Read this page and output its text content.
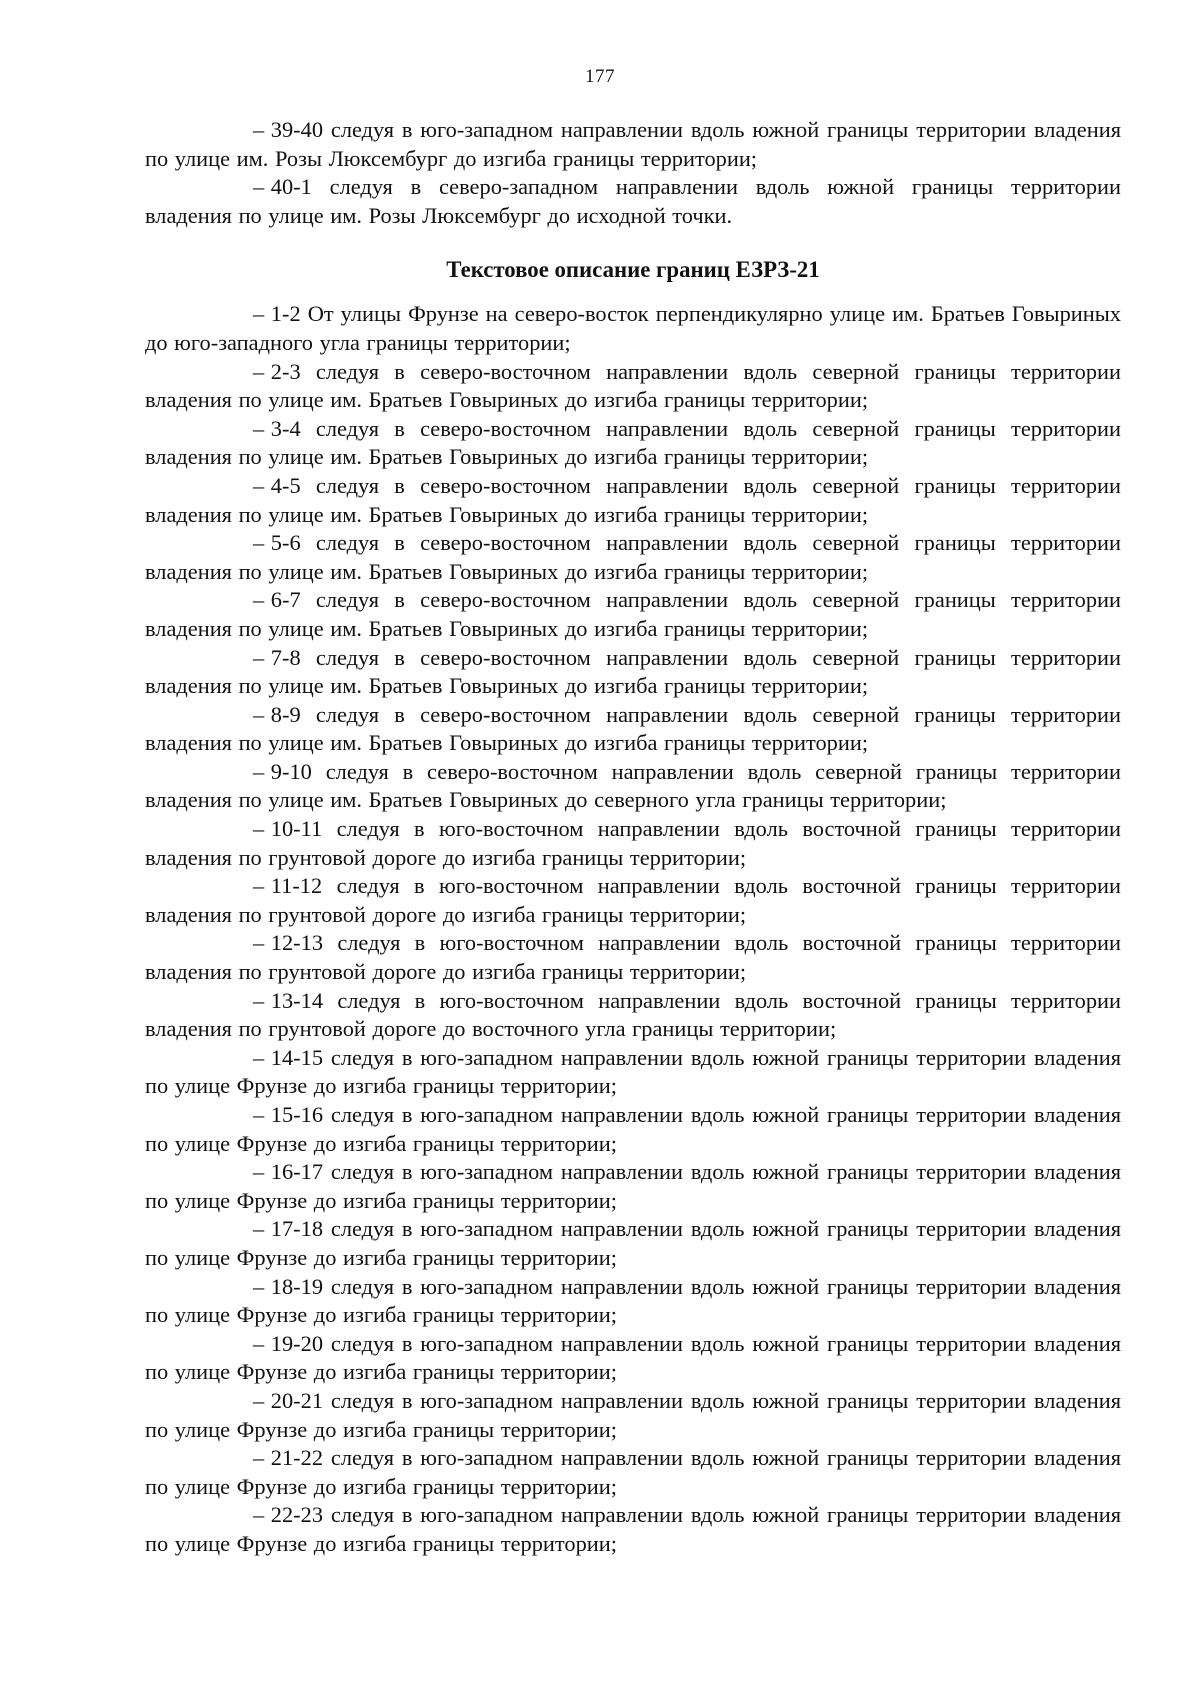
177

– 39-40 следуя в юго-западном направлении вдоль южной границы территории владения по улице им. Розы Люксембург до изгиба границы территории;

– 40-1 следуя в северо-западном направлении вдоль южной границы территории владения по улице им. Розы Люксембург до исходной точки.

Текстовое описание границ ЕЗРЗ-21

– 1-2 От улицы Фрунзе на северо-восток перпендикулярно улице им. Братьев Говыриных до юго-западного угла границы территории;

– 2-3 следуя в северо-восточном направлении вдоль северной границы территории владения по улице им. Братьев Говыриных до изгиба границы территории;

– 3-4 следуя в северо-восточном направлении вдоль северной границы территории владения по улице им. Братьев Говыриных до изгиба границы территории;

– 4-5 следуя в северо-восточном направлении вдоль северной границы территории владения по улице им. Братьев Говыриных до изгиба границы территории;

– 5-6 следуя в северо-восточном направлении вдоль северной границы территории владения по улице им. Братьев Говыриных до изгиба границы территории;

– 6-7 следуя в северо-восточном направлении вдоль северной границы территории владения по улице им. Братьев Говыриных до изгиба границы территории;

– 7-8 следуя в северо-восточном направлении вдоль северной границы территории владения по улице им. Братьев Говыриных до изгиба границы территории;

– 8-9 следуя в северо-восточном направлении вдоль северной границы территории владения по улице им. Братьев Говыриных до изгиба границы территории;

– 9-10 следуя в северо-восточном направлении вдоль северной границы территории владения по улице им. Братьев Говыриных до северного угла границы территории;

– 10-11 следуя в юго-восточном направлении вдоль восточной границы территории владения по грунтовой дороге до изгиба границы территории;

– 11-12 следуя в юго-восточном направлении вдоль восточной границы территории владения по грунтовой дороге до изгиба границы территории;

– 12-13 следуя в юго-восточном направлении вдоль восточной границы территории владения по грунтовой дороге до изгиба границы территории;

– 13-14 следуя в юго-восточном направлении вдоль восточной границы территории владения по грунтовой дороге до восточного угла границы территории;

– 14-15 следуя в юго-западном направлении вдоль южной границы территории владения по улице Фрунзе до изгиба границы территории;

– 15-16 следуя в юго-западном направлении вдоль южной границы территории владения по улице Фрунзе до изгиба границы территории;

– 16-17 следуя в юго-западном направлении вдоль южной границы территории владения по улице Фрунзе до изгиба границы территории;

– 17-18 следуя в юго-западном направлении вдоль южной границы территории владения по улице Фрунзе до изгиба границы территории;

– 18-19 следуя в юго-западном направлении вдоль южной границы территории владения по улице Фрунзе до изгиба границы территории;

– 19-20 следуя в юго-западном направлении вдоль южной границы территории владения по улице Фрунзе до изгиба границы территории;

– 20-21 следуя в юго-западном направлении вдоль южной границы территории владения по улице Фрунзе до изгиба границы территории;

– 21-22 следуя в юго-западном направлении вдоль южной границы территории владения по улице Фрунзе до изгиба границы территории;

– 22-23 следуя в юго-западном направлении вдоль южной границы территории владения по улице Фрунзе до изгиба границы территории;
